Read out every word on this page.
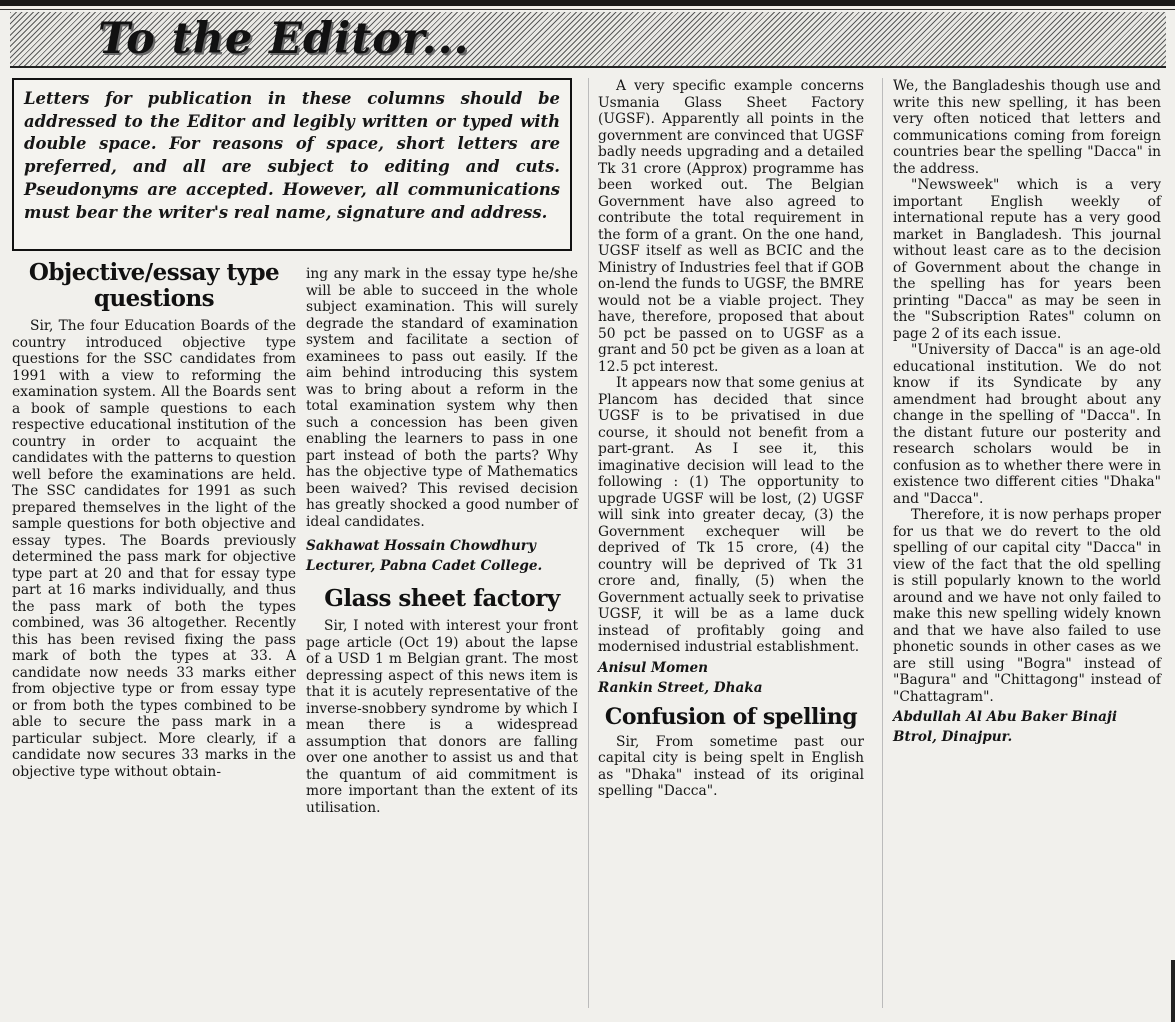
To the Editor...
Letters for publication in these columns should be addressed to the Editor and legibly written or typed with double space. For reasons of space, short letters are preferred, and all are subject to editing and cuts. Pseudonyms are accepted. However, all communications must bear the writer's real name, signature and address.
Objective/essay type
questions

Sir, The four Education Boards of the country introduced objective type questions for the SSC candidates from 1991 with a view to reforming the examination system. All the Boards sent a book of sample questions to each respective educational institution of the country in order to acquaint the candidates with the patterns to question well before the examinations are held. The SSC candidates for 1991 as such prepared themselves in the light of the sample questions for both objective and essay types. The Boards previously determined the pass mark for objective type part at 20 and that for essay type part at 16 marks individually, and thus the pass mark of both the types combined, was 36 altogether. Recently this has been revised fixing the pass mark of both the types at 33. A candidate now needs 33 marks either from objective type or from essay type or from both the types combined to be able to secure the pass mark in a particular subject. More clearly, if a candidate now secures 33 marks in the objective type without obtain-

ing any mark in the essay type he/she will be able to succeed in the whole subject examination. This will surely degrade the standard of examination system and facilitate a section of examinees to pass out easily. If the aim behind introducing this system was to bring about a reform in the total examination system why then such a concession has been given enabling the learners to pass in one part instead of both the parts? Why has the objective type of Mathematics been waived? This revised decision has greatly shocked a good number of ideal candidates.

Sakhawat Hossain Chowdhury
Lecturer, Pabna Cadet College.
Glass sheet factory

Sir, I noted with interest your front page article (Oct 19) about the lapse of a USD 1 m Belgian grant. The most depressing aspect of this news item is that it is acutely representative of the inverse-snobbery syndrome by which I mean there is a widespread assumption that donors are falling over one another to assist us and that the quantum of aid commitment is more important than the extent of its utilisation.

A very specific example concerns Usmania Glass Sheet Factory (UGSF). Apparently all points in the government are convinced that UGSF badly needs upgrading and a detailed Tk 31 crore (Approx) programme has been worked out. The Belgian Government have also agreed to contribute the total requirement in the form of a grant. On the one hand, UGSF itself as well as BCIC and the Ministry of Industries feel that if GOB on-lend the funds to UGSF, the BMRE would not be a viable project. They have, therefore, proposed that about 50 pct be passed on to UGSF as a grant and 50 pct be given as a loan at 12.5 pct interest.

It appears now that some genius at Plancom has decided that since UGSF is to be privatised in due course, it should not benefit from a part-grant. As I see it, this imaginative decision will lead to the following : (1) The opportunity to upgrade UGSF will be lost, (2) UGSF will sink into greater decay, (3) the Government exchequer will be deprived of Tk 15 crore, (4) the country will be deprived of Tk 31 crore and, finally, (5) when the Government actually seek to privatise UGSF, it will be as a lame duck instead of profitably going and modernised industrial establishment.

Anisul Momen
Rankin Street, Dhaka
Confusion of spelling

Sir, From sometime past our capital city is being spelt in English as "Dhaka" instead of its original spelling "Dacca".

We, the Bangladeshis though use and write this new spelling, it has been very often noticed that letters and communications coming from foreign countries bear the spelling "Dacca" in the address.

"Newsweek" which is a very important English weekly of international repute has a very good market in Bangladesh. This journal without least care as to the decision of Government about the change in the spelling has for years been printing "Dacca" as may be seen in the "Subscription Rates" column on page 2 of its each issue.

"University of Dacca" is an age-old educational institution. We do not know if its Syndicate by any amendment had brought about any change in the spelling of "Dacca". In the distant future our posterity and research scholars would be in confusion as to whether there were in existence two different cities "Dhaka" and "Dacca".

Therefore, it is now perhaps proper for us that we do revert to the old spelling of our capital city "Dacca" in view of the fact that the old spelling is still popularly known to the world around and we have not only failed to make this new spelling widely known and that we have also failed to use phonetic sounds in other cases as we are still using "Bogra" instead of "Bagura" and "Chittagong" instead of "Chattagram".

Abdullah Al Abu Baker Binaji
Btrol, Dinajpur.
